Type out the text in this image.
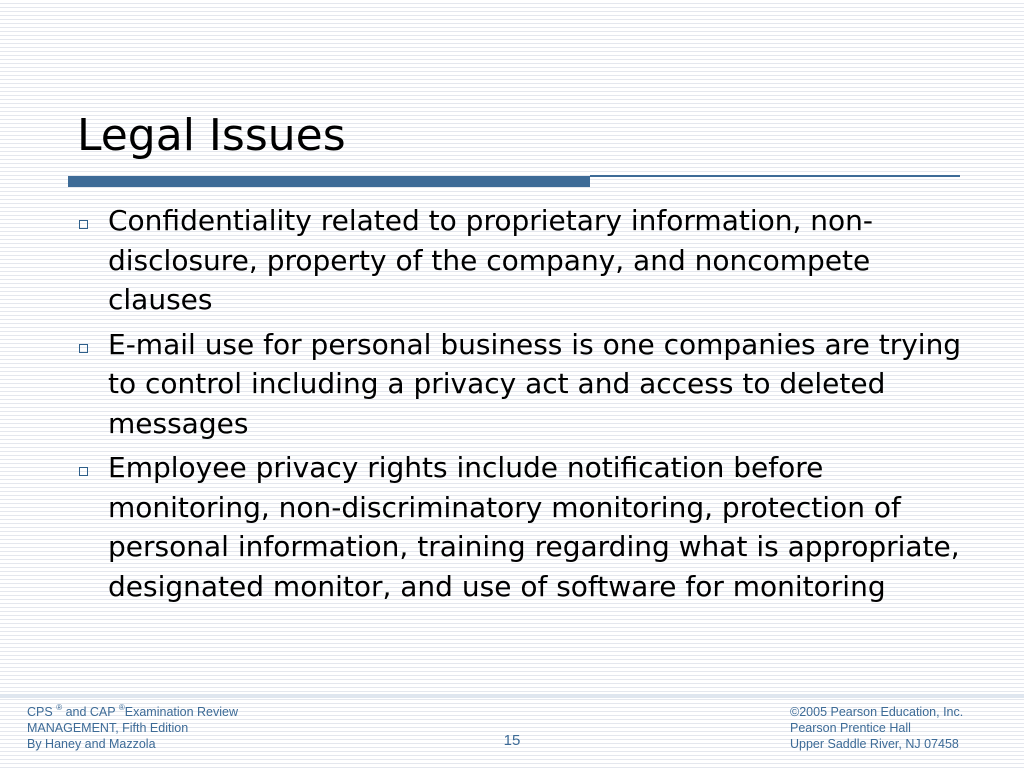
Legal Issues
Confidentiality related to proprietary information, non-disclosure, property of the company, and noncompete clauses
E-mail use for personal business is one companies are trying to control including a privacy act and access to deleted messages
Employee privacy rights include notification before monitoring, non-discriminatory monitoring, protection of personal information, training regarding what is appropriate, designated monitor, and use of software for monitoring
CPS ® and CAP ®Examination Review
MANAGEMENT, Fifth Edition
By Haney and Mazzola	15
©2005 Pearson Education, Inc.
Pearson Prentice Hall
Upper Saddle River, NJ 07458
